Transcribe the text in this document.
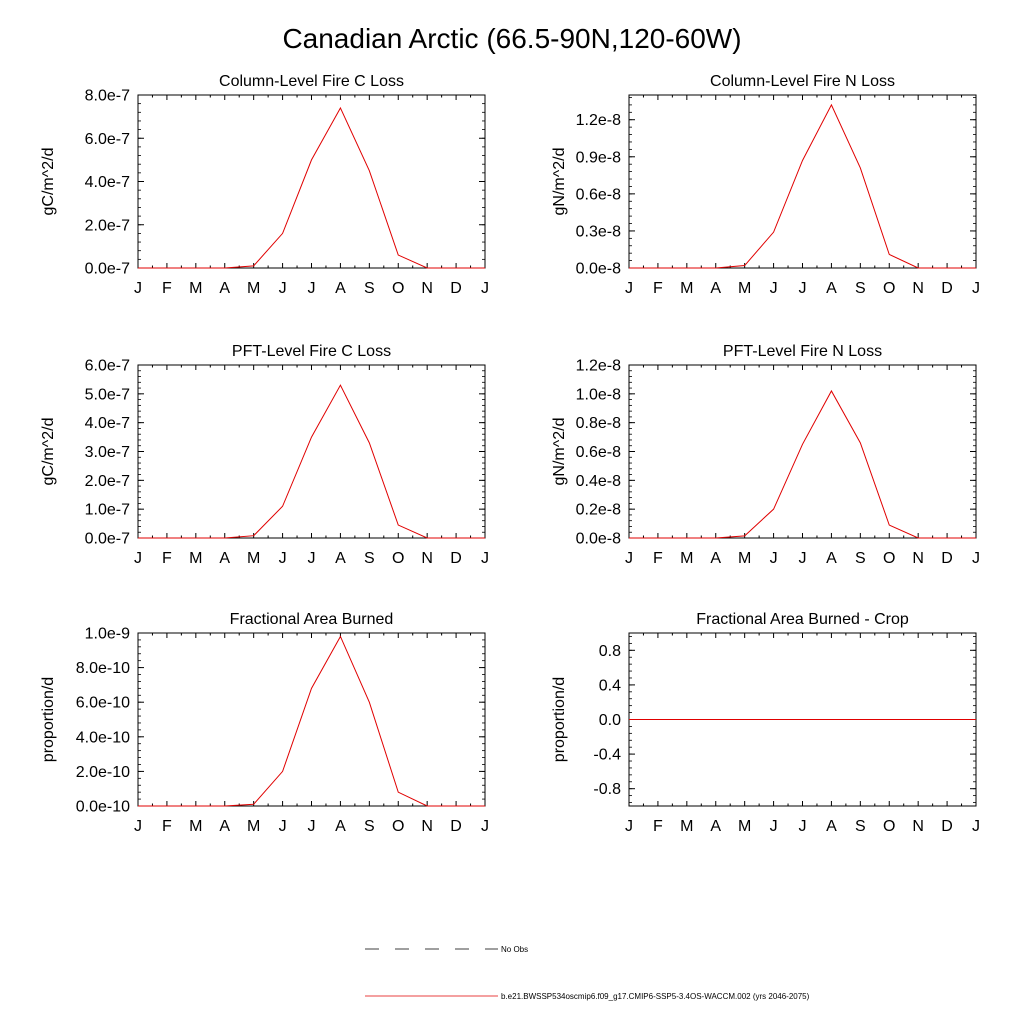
Canadian Arctic (66.5-90N,120-60W)
Column-Level Fire C Loss
J F M A M J J A S O N D J
0.0e-7
2.0e-7
4.0e-7
6.0e-7
8.0e-7
gC/m^2/d
Column-Level Fire N Loss
J F M A M J J A S O N D J
0.0e-8
0.3e-8
0.6e-8
0.9e-8
1.2e-8
gN/m^2/d
PFT-Level Fire C Loss
J F M A M J J A S O N D J
0.0e-7
1.0e-7
2.0e-7
3.0e-7
4.0e-7
5.0e-7
6.0e-7
gC/m^2/d
PFT-Level Fire N Loss
J F M A M J J A S O N D J
0.0e-8
0.2e-8
0.4e-8
0.6e-8
0.8e-8
1.0e-8
1.2e-8
gN/m^2/d
Fractional Area Burned
J F M A M J J A S O N D J
0.0e-10
2.0e-10
4.0e-10
6.0e-10
8.0e-10
1.0e-9
proportion/d
Fractional Area Burned - Crop
J F M A M J J A S O N D J
-0.8
-0.4
0.0
0.4
0.8
proportion/d
No Obs
b.e21.BWSSP534oscmip6.f09_g17.CMIP6-SSP5-3.4OS-WACCM.002 (yrs 2046-2075)
